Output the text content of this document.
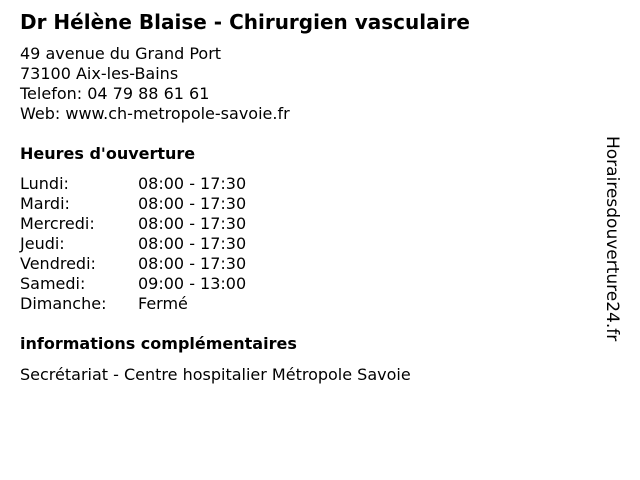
Dr Hélène Blaise - Chirurgien vasculaire
49 avenue du Grand Port
73100 Aix-les-Bains
Telefon: 04 79 88 61 61
Web: www.ch-metropole-savoie.fr
Heures d'ouverture
Lundi:	08:00 - 17:30
Mardi:	08:00 - 17:30
Mercredi:	08:00 - 17:30
Jeudi:	08:00 - 17:30
Vendredi:	08:00 - 17:30
Samedi:	09:00 - 13:00
Dimanche: Fermé
informations complémentaires
Secrétariat - Centre hospitalier Métropole Savoie
Horairesdouverture24.fr
